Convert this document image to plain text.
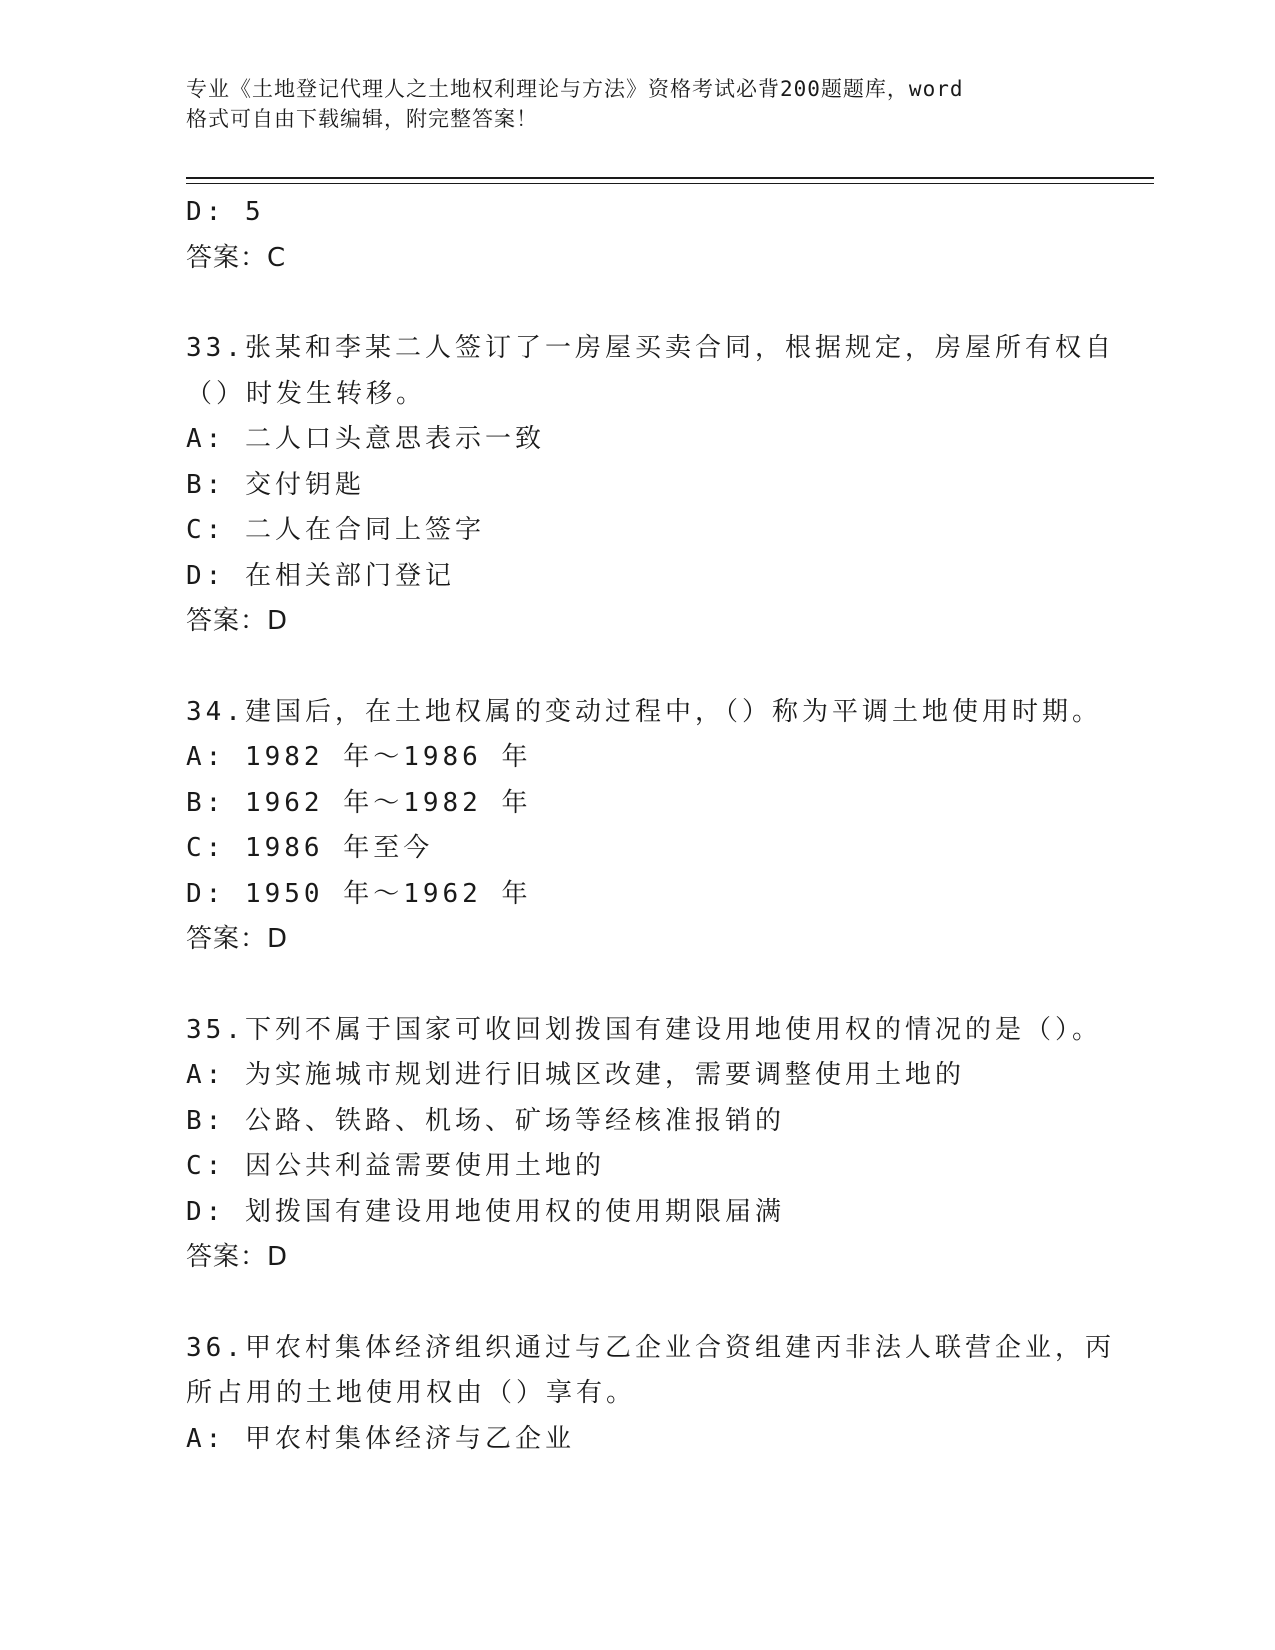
专业《土地登记代理人之土地权利理论与方法》资格考试必背200题题库，word
格式可自由下载编辑，附完整答案！
D: 5
答案：C
33.张某和李某二人签订了一房屋买卖合同，根据规定，房屋所有权自
（）时发生转移。
A: 二人口头意思表示一致
B: 交付钥匙
C: 二人在合同上签字
D: 在相关部门登记
答案：D
34.建国后，在土地权属的变动过程中，（）称为平调土地使用时期。
A: 1982 年～1986 年
B: 1962 年～1982 年
C: 1986 年至今
D: 1950 年～1962 年
答案：D
35.下列不属于国家可收回划拨国有建设用地使用权的情况的是（）。
A: 为实施城市规划进行旧城区改建，需要调整使用土地的
B: 公路、铁路、机场、矿场等经核准报销的
C: 因公共利益需要使用土地的
D: 划拨国有建设用地使用权的使用期限届满
答案：D
36.甲农村集体经济组织通过与乙企业合资组建丙非法人联营企业，丙
所占用的土地使用权由（）享有。
A: 甲农村集体经济与乙企业
